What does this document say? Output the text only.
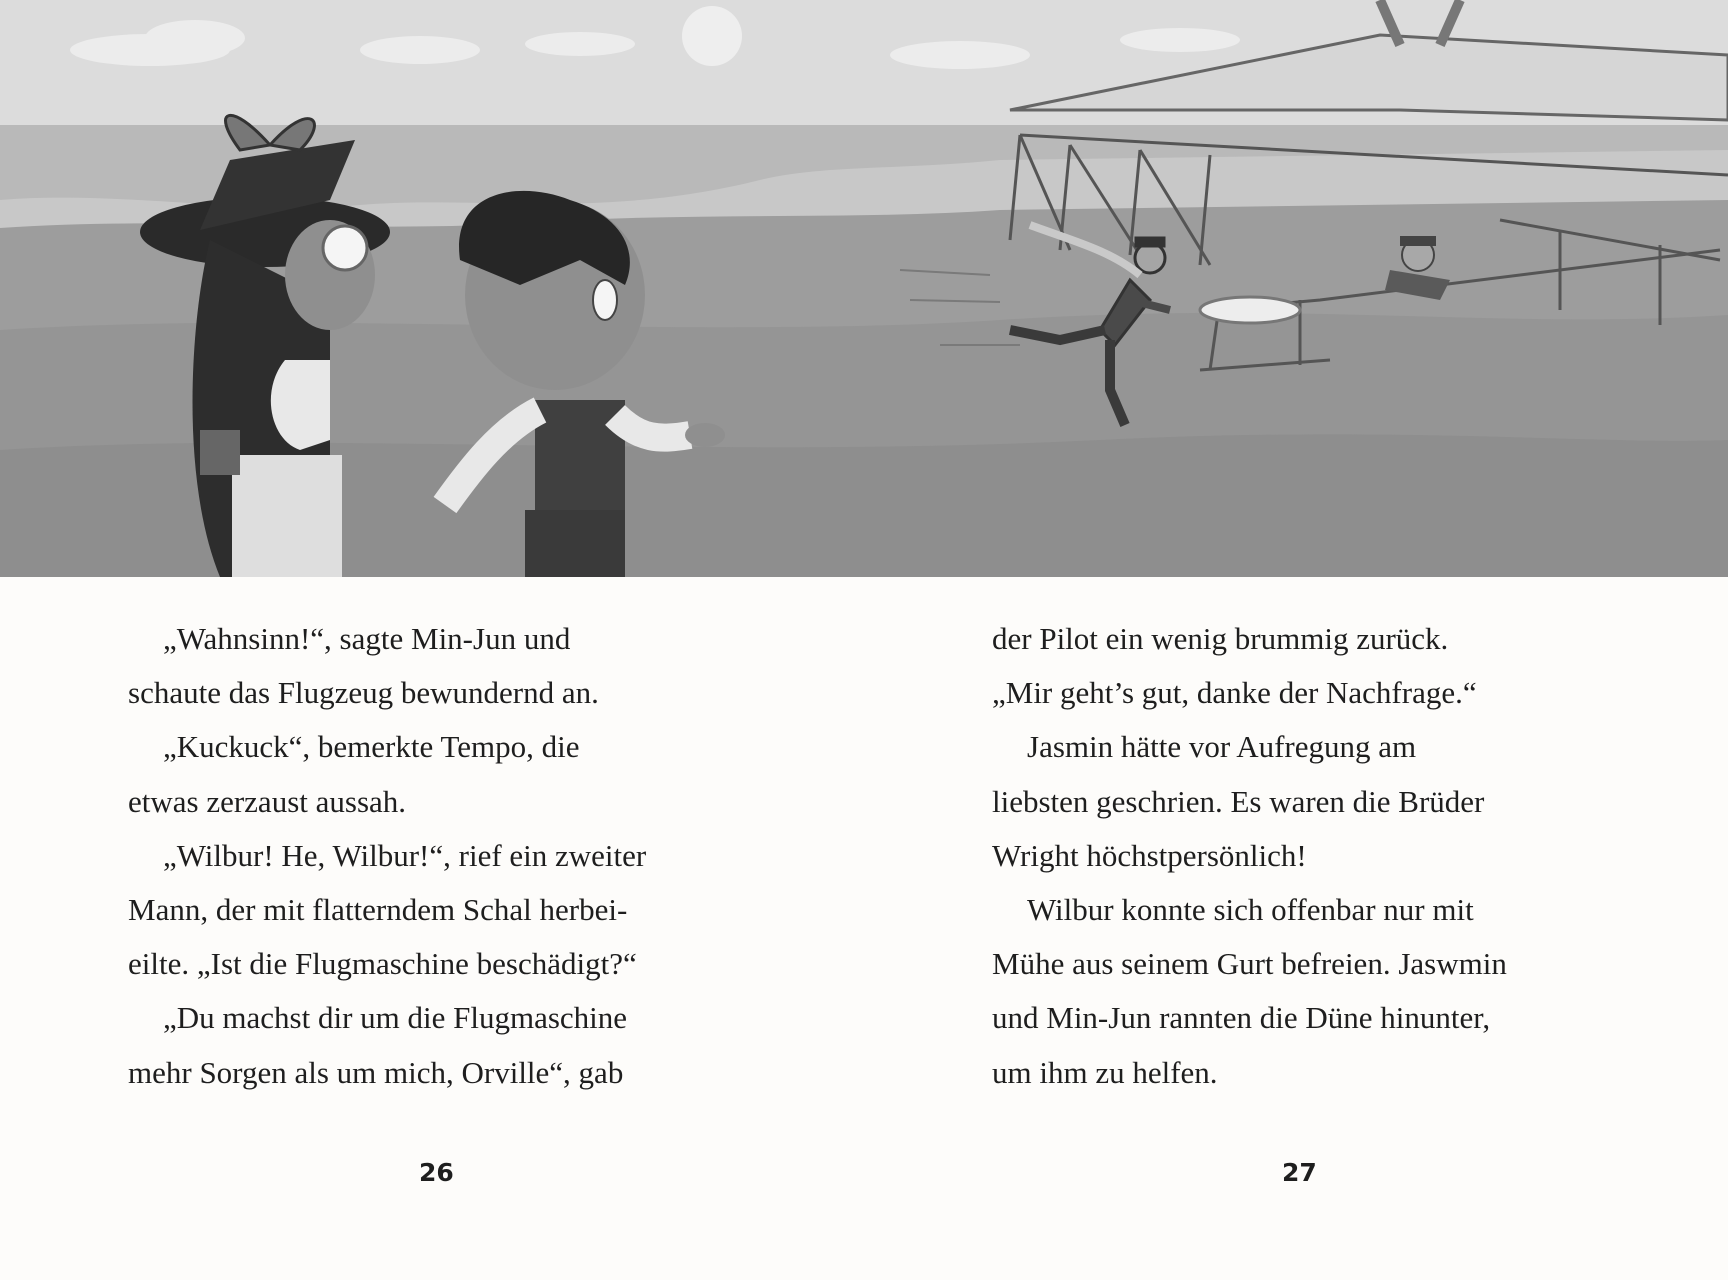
„Wahnsinn!“, sagte Min-Jun und
schaute das Flugzeug bewundernd an.
„Kuckuck“, bemerkte Tempo, die
etwas zerzaust aussah.
„Wilbur! He, Wilbur!“, rief ein zweiter
Mann, der mit flatterndem Schal herbei-
eilte. „Ist die Flugmaschine beschädigt?“
„Du machst dir um die Flugmaschine
mehr Sorgen als um mich, Orville“, gab
der Pilot ein wenig brummig zurück.
„Mir geht’s gut, danke der Nachfrage.“
Jasmin hätte vor Aufregung am
liebsten geschrien. Es waren die Brüder
Wright höchstpersönlich!
Wilbur konnte sich offenbar nur mit
Mühe aus seinem Gurt befreien. Jaswmin
und Min-Jun rannten die Düne hinunter,
um ihm zu helfen.
26	27
